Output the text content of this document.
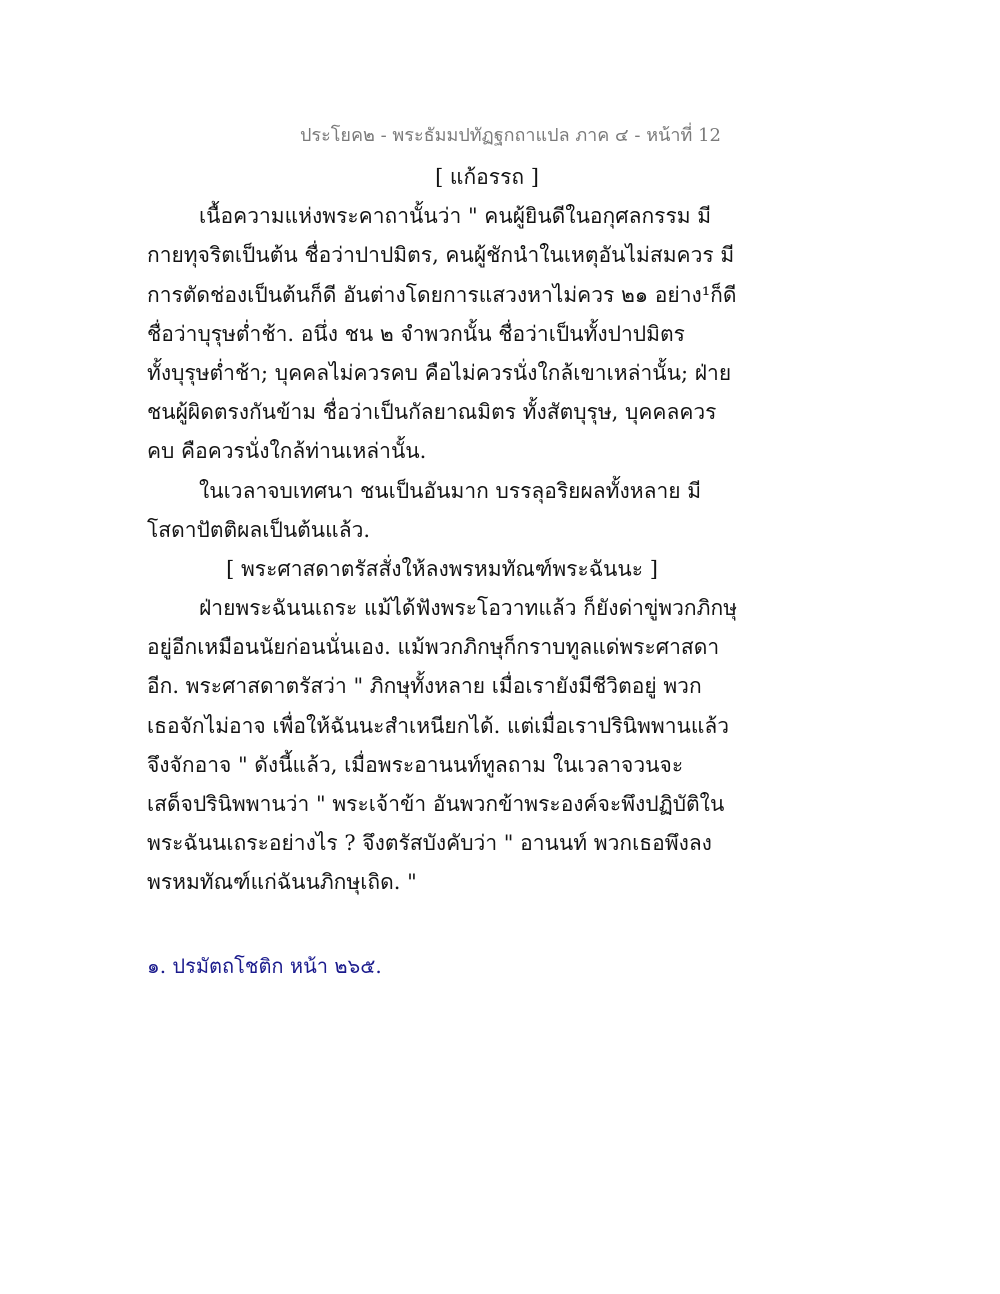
ประโยค๒ - พระธัมมปทัฏฐกถาแปล ภาค ๔ - หน้าที่ 12
[ แก้อรรถ ]
เนื้อความแห่งพระคาถานั้นว่า " คนผู้ยินดีในอกุศลกรรม มี
กายทุจริตเป็นต้น ชื่อว่าปาปมิตร, คนผู้ชักนำในเหตุอันไม่สมควร มี
การตัดช่องเป็นต้นก็ดี อันต่างโดยการแสวงหาไม่ควร ๒๑ อย่าง¹ก็ดี
ชื่อว่าบุรุษต่ำช้า. อนึ่ง ชน ๒ จำพวกนั้น ชื่อว่าเป็นทั้งปาปมิตร
ทั้งบุรุษต่ำช้า; บุคคลไม่ควรคบ คือไม่ควรนั่งใกล้เขาเหล่านั้น; ฝ่าย
ชนผู้ผิดตรงกันข้าม ชื่อว่าเป็นกัลยาณมิตร ทั้งสัตบุรุษ, บุคคลควร
คบ คือควรนั่งใกล้ท่านเหล่านั้น.
ในเวลาจบเทศนา ชนเป็นอันมาก บรรลุอริยผลทั้งหลาย มี
โสดาปัตติผลเป็นต้นแล้ว.
[ พระศาสดาตรัสสั่งให้ลงพรหมทัณฑ์พระฉันนะ ]
ฝ่ายพระฉันนเถระ แม้ได้ฟังพระโอวาทแล้ว ก็ยังด่าขู่พวกภิกษุ
อยู่อีกเหมือนนัยก่อนนั่นเอง. แม้พวกภิกษุก็กราบทูลแด่พระศาสดา
อีก. พระศาสดาตรัสว่า " ภิกษุทั้งหลาย เมื่อเรายังมีชีวิตอยู่ พวก
เธอจักไม่อาจ เพื่อให้ฉันนะสำเหนียกได้. แต่เมื่อเราปรินิพพานแล้ว
จึงจักอาจ " ดังนี้แล้ว, เมื่อพระอานนท์ทูลถาม ในเวลาจวนจะ
เสด็จปรินิพพานว่า " พระเจ้าข้า อันพวกข้าพระองค์จะพึงปฏิบัติใน
พระฉันนเถระอย่างไร ? จึงตรัสบังคับว่า " อานนท์ พวกเธอพึงลง
พรหมทัณฑ์แก่ฉันนภิกษุเถิด. "
๑. ปรมัตถโชติก หน้า ๒๖๕.
